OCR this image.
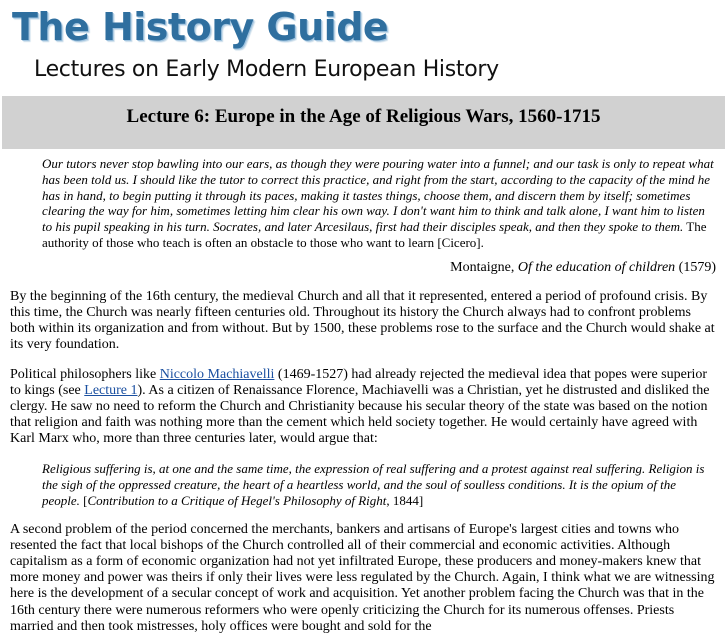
The History Guide
Lectures on Early Modern European History
Lecture 6: Europe in the Age of Religious Wars, 1560-1715
Our tutors never stop bawling into our ears, as though they were pouring water into a funnel; and our task is only to repeat what has been told us. I should like the tutor to correct this practice, and right from the start, according to the capacity of the mind he has in hand, to begin putting it through its paces, making it tastes things, choose them, and discern them by itself; sometimes clearing the way for him, sometimes letting him clear his own way. I don't want him to think and talk alone, I want him to listen to his pupil speaking in his turn. Socrates, and later Arcesilaus, first had their disciples speak, and then they spoke to them. The authority of those who teach is often an obstacle to those who want to learn [Cicero].
Montaigne, Of the education of children (1579)

By the beginning of the 16th century, the medieval Church and all that it represented, entered a period of profound crisis. By this time, the Church was nearly fifteen centuries old. Throughout its history the Church always had to confront problems both within its organization and from without. But by 1500, these problems rose to the surface and the Church would shake at its very foundation.

Political philosophers like Niccolo Machiavelli (1469-1527) had already rejected the medieval idea that popes were superior to kings (see Lecture 1). As a citizen of Renaissance Florence, Machiavelli was a Christian, yet he distrusted and disliked the clergy. He saw no need to reform the Church and Christianity because his secular theory of the state was based on the notion that religion and faith was nothing more than the cement which held society together. He would certainly have agreed with Karl Marx who, more than three centuries later, would argue that:

Religious suffering is, at one and the same time, the expression of real suffering and a protest against real suffering. Religion is the sigh of the oppressed creature, the heart of a heartless world, and the soul of soulless conditions. It is the opium of the people. [Contribution to a Critique of Hegel's Philosophy of Right, 1844]

A second problem of the period concerned the merchants, bankers and artisans of Europe's largest cities and towns who resented the fact that local bishops of the Church controlled all of their commercial and economic activities. Although capitalism as a form of economic organization had not yet infiltrated Europe, these producers and money-makers knew that more money and power was theirs if only their lives were less regulated by the Church. Again, I think what we are witnessing here is the development of a secular concept of work and acquisition. Yet another problem facing the Church was that in the 16th century there were numerous reformers who were openly criticizing the Church for its numerous offenses. Priests married and then took mistresses, holy offices were bought and sold for the
